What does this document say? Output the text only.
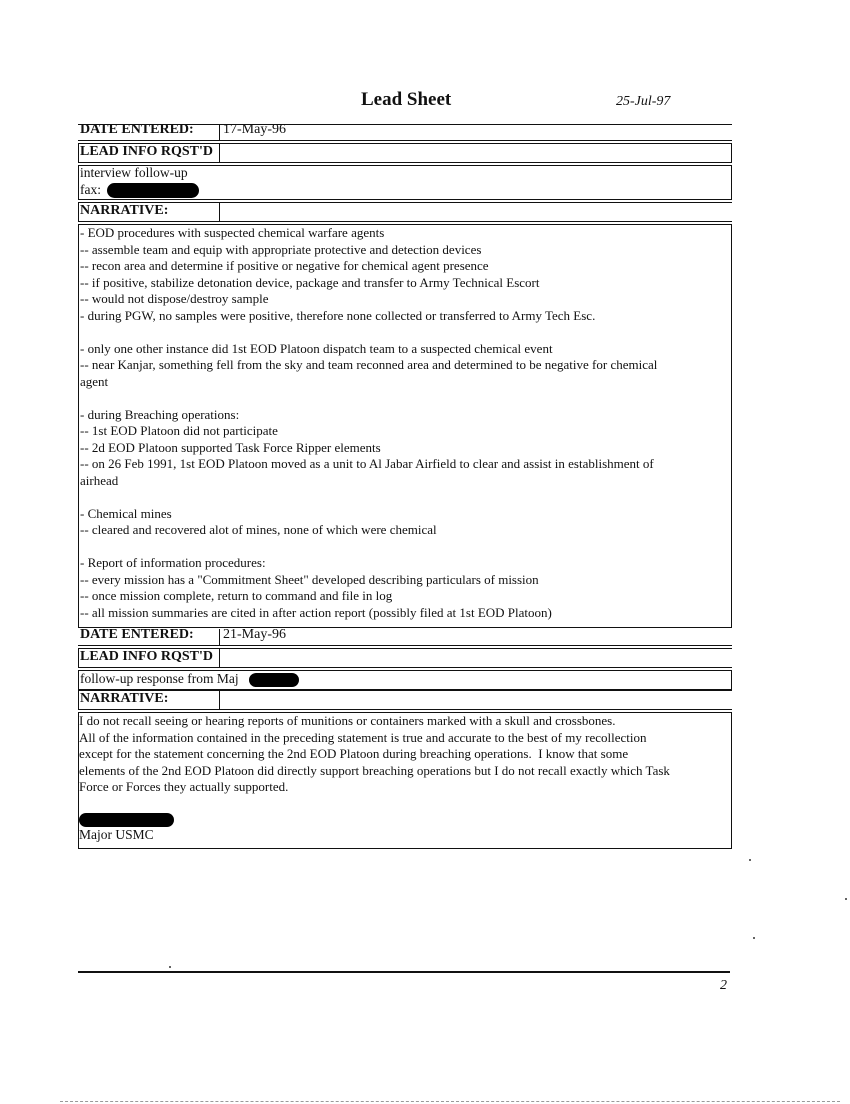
Lead Sheet	25-Jul-97
DATE ENTERED: 17-May-96
LEAD INFO RQST'D
interview follow-up
fax:
NARRATIVE:
- EOD procedures with suspected chemical warfare agents
-- assemble team and equip with appropriate protective and detection devices
-- recon area and determine if positive or negative for chemical agent presence
-- if positive, stabilize detonation device, package and transfer to Army Technical Escort
-- would not dispose/destroy sample
- during PGW, no samples were positive, therefore none collected or transferred to Army Tech Esc.

- only one other instance did 1st EOD Platoon dispatch team to a suspected chemical event
-- near Kanjar, something fell from the sky and team reconned area and determined to be negative for chemical
agent

- during Breaching operations:
-- 1st EOD Platoon did not participate
-- 2d EOD Platoon supported Task Force Ripper elements
-- on 26 Feb 1991, 1st EOD Platoon moved as a unit to Al Jabar Airfield to clear and assist in establishment of
airhead

- Chemical mines
-- cleared and recovered alot of mines, none of which were chemical

- Report of information procedures:
-- every mission has a "Commitment Sheet" developed describing particulars of mission
-- once mission complete, return to command and file in log
-- all mission summaries are cited in after action report (possibly filed at 1st EOD Platoon)
DATE ENTERED: 21-May-96
LEAD INFO RQST'D
follow-up response from Maj
NARRATIVE:
I do not recall seeing or hearing reports of munitions or containers marked with a skull and crossbones.
All of the information contained in the preceding statement is true and accurate to the best of my recollection
except for the statement concerning the 2nd EOD Platoon during breaching operations.  I know that some
elements of the 2nd EOD Platoon did directly support breaching operations but I do not recall exactly which Task
Force or Forces they actually supported.
Major USMC
2
